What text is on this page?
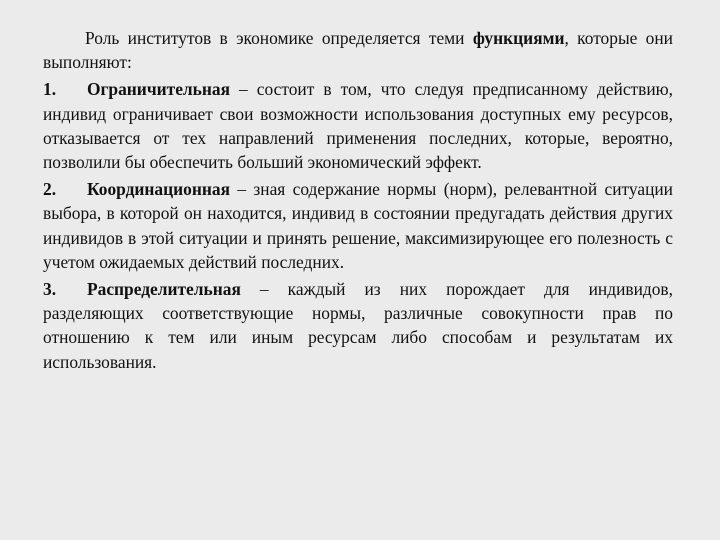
Роль институтов в экономике определяется теми функциями, которые они выполняют:

1. Ограничительная – состоит в том, что следуя предписанному действию, индивид ограничивает свои возможности использования доступных ему ресурсов, отказывается от тех направлений применения последних, которые, вероятно, позволили бы обеспечить больший экономический эффект.

2. Координационная – зная содержание нормы (норм), релевантной ситуации выбора, в которой он находится, индивид в состоянии предугадать действия других индивидов в этой ситуации и принять решение, максимизирующее его полезность с учетом ожидаемых действий последних.

3. Распределительная – каждый из них порождает для индивидов, разделяющих соответствующие нормы, различные совокупности прав по отношению к тем или иным ресурсам либо способам и результатам их использования.
